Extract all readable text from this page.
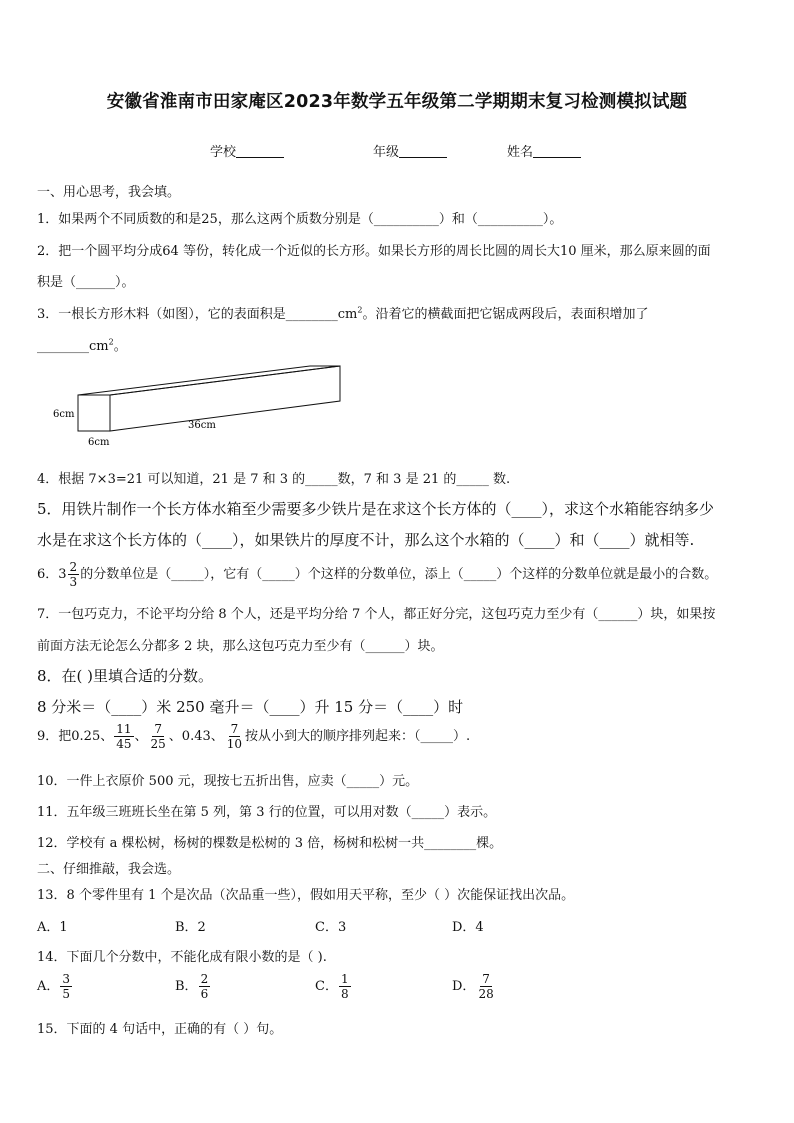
安徽省淮南市田家庵区2023年数学五年级第二学期期末复习检测模拟试题
学校	年级	姓名
一、用心思考，我会填。
1．如果两个不同质数的和是25，那么这两个质数分别是（__________）和（__________）。
2．把一个圆平均分成64 等份，转化成一个近似的长方形。如果长方形的周长比圆的周长大10 厘米，那么原来圆的面
积是（______）。
3．一根长方形木料（如图），它的表面积是$\_\_\_\_\_\_\_\_cm^2$。沿着它的横截面把它锯成两段后，表面积增加了
$\_\_\_\_\_\_\_\_cm^2$。
6cm
6cm
36cm
4．根据 7×3=21 可以知道，21 是 7 和 3 的_____数，7 和 3 是 21 的_____ 数.
5．用铁片制作一个长方体水箱至少需要多少铁片是在求这个长方体的（____），求这个水箱能容纳多少
水是在求这个长方体的（____），如果铁片的厚度不计，那么这个水箱的（____）和（____）就相等.
6．$3 \frac{2}{3}$ 的分数单位是（_____），它有（_____）个这样的分数单位，添上（_____）个这样的分数单位就是最小的合数。
7．一包巧克力，不论平均分给 8 个人，还是平均分给 7 个人，都正好分完，这包巧克力至少有（______）块，如果按
前面方法无论怎么分都多 2 块，那么这包巧克力至少有（______）块。
8．在( )里填合适的分数。
8 分米＝（____）米 250 毫升＝（____）升 15 分＝（____）时
9．把0.25、 $\frac{11}{45}$ 、 $\frac{7}{25}$ 、0.43、 $\frac{7}{10}$ 按从小到大的顺序排列起来：（_____）.
10．一件上衣原价 500 元，现按七五折出售，应卖（_____）元。
11．五年级三班班长坐在第 5 列，第 3 行的位置，可以用对数（_____）表示。
12．学校有 a 棵松树，杨树的棵数是松树的 3 倍，杨树和松树一共________棵。
二、仔细推敲，我会选。
13．8 个零件里有 1 个是次品（次品重一些），假如用天平称，至少（ ）次能保证找出次品。
A．1	B．2	C．3	D．4
14．下面几个分数中，不能化成有限小数的是（ ).
A． $\frac{3}{5}$	B． $\frac{2}{6}$	C． $\frac{1}{8}$	D． $\frac{7}{28}$
15．下面的 4 句话中，正确的有（ ）句。
